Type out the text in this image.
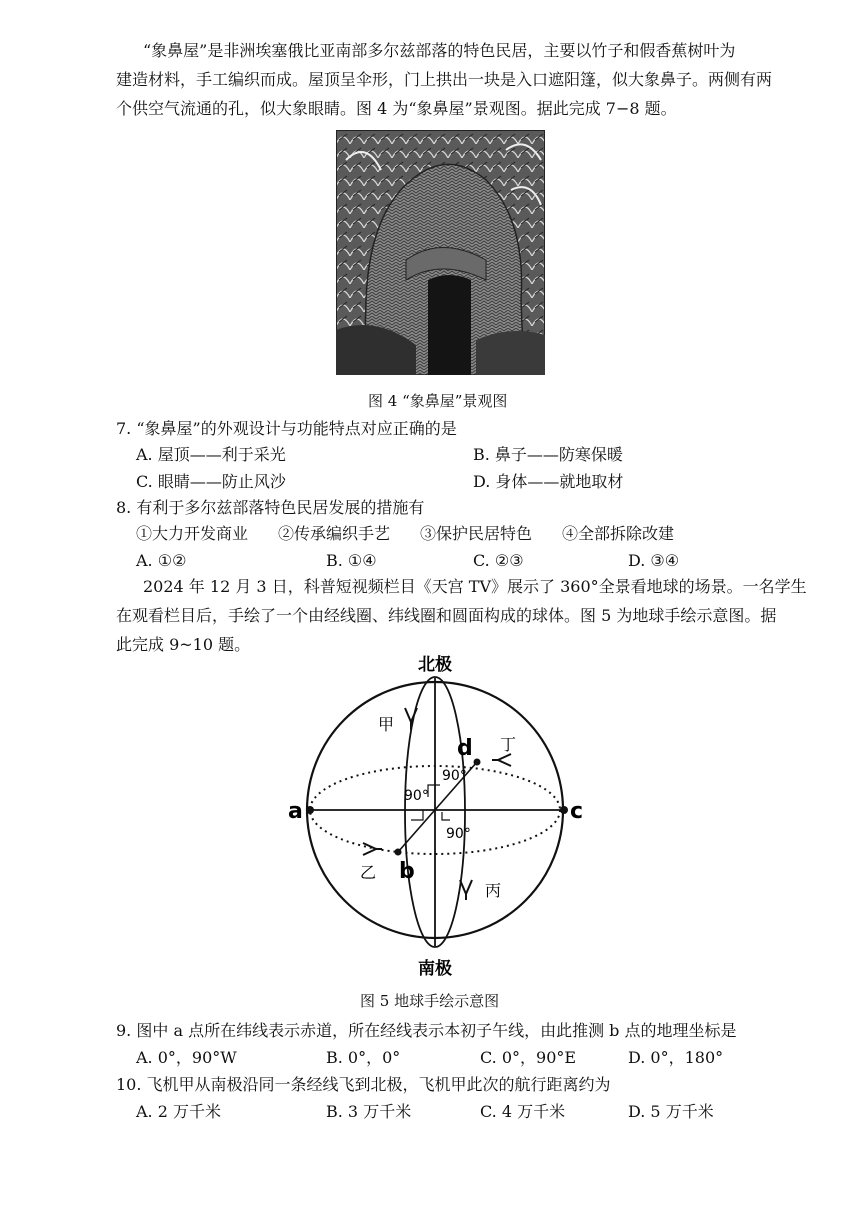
“象鼻屋”是非洲埃塞俄比亚南部多尔兹部落的特色民居，主要以竹子和假香蕉树叶为
建造材料，手工编织而成。屋顶呈伞形，门上拱出一块是入口遮阳篷，似大象鼻子。两侧有两
个供空气流通的孔，似大象眼睛。图 4 为“象鼻屋”景观图。据此完成 7−8 题。
图 4 “象鼻屋”景观图
7. “象鼻屋”的外观设计与功能特点对应正确的是
A. 屋顶——利于采光	B. 鼻子——防寒保暖
C. 眼睛——防止风沙	D. 身体——就地取材
8. 有利于多尔兹部落特色民居发展的措施有
①大力开发商业 ②传承编织手艺 ③保护民居特色 ④全部拆除改建
A. ①②	B. ①④	C. ②③	D. ③④
2024 年 12 月 3 日，科普短视频栏目《天宫 TV》展示了 360°全景看地球的场景。一名学生
在观看栏目后，手绘了一个由经线圈、纬线圈和圆面构成的球体。图 5 为地球手绘示意图。据
此完成 9~10 题。
北极
南极
a	c
b
d
甲
丁
乙
丙
90°
90°
90°
图 5 地球手绘示意图
9. 图中 a 点所在纬线表示赤道，所在经线表示本初子午线，由此推测 b 点的地理坐标是
A. 0°，90°W	B. 0°，0°	C. 0°，90°E	D. 0°，180°
10. 飞机甲从南极沿同一条经线飞到北极，飞机甲此次的航行距离约为
A. 2 万千米	B. 3 万千米	C. 4 万千米	D. 5 万千米
